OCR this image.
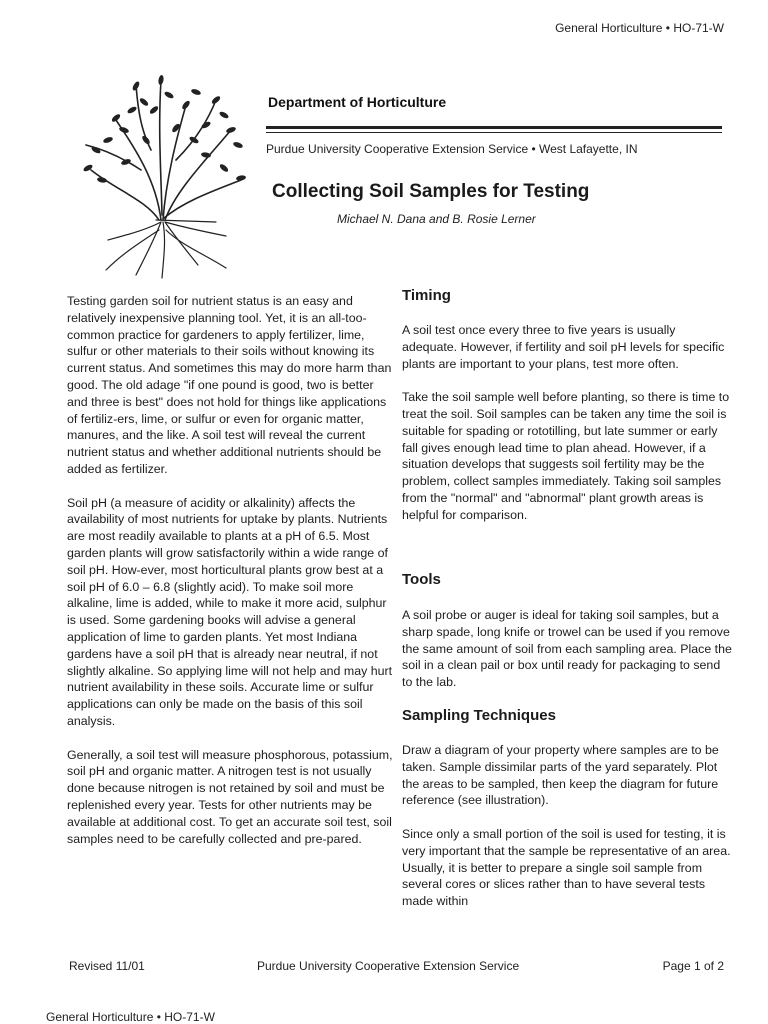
General Horticulture • HO-71-W
Department of Horticulture
Purdue University Cooperative Extension Service • West Lafayette, IN
Collecting Soil Samples for Testing
Michael N. Dana and B. Rosie Lerner

Testing garden soil for nutrient status is an easy and relatively inexpensive planning tool. Yet, it is an all-too-common practice for gardeners to apply fertilizer, lime, sulfur or other materials to their soils without knowing its current status. And sometimes this may do more harm than good. The old adage "if one pound is good, two is better and three is best" does not hold for things like applications of fertiliz-ers, lime, or sulfur or even for organic matter, manures, and the like. A soil test will reveal the current nutrient status and whether additional nutrients should be added as fertilizer.

Soil pH (a measure of acidity or alkalinity) affects the availability of most nutrients for uptake by plants. Nutrients are most readily available to plants at a pH of 6.5. Most garden plants will grow satisfactorily within a wide range of soil pH. How-ever, most horticultural plants grow best at a soil pH of 6.0 – 6.8 (slightly acid). To make soil more alkaline, lime is added, while to make it more acid, sulphur is used. Some gardening books will advise a general application of lime to garden plants. Yet most Indiana gardens have a soil pH that is already near neutral, if not slightly alkaline. So applying lime will not help and may hurt nutrient availability in these soils. Accurate lime or sulfur applications can only be made on the basis of this soil analysis.

Generally, a soil test will measure phosphorous, potassium, soil pH and organic matter. A nitrogen test is not usually done because nitrogen is not retained by soil and must be replenished every year. Tests for other nutrients may be available at additional cost. To get an accurate soil test, soil samples need to be carefully collected and pre-pared.

Timing

A soil test once every three to five years is usually adequate. However, if fertility and soil pH levels for specific plants are important to your plans, test more often.

Take the soil sample well before planting, so there is time to treat the soil. Soil samples can be taken any time the soil is suitable for spading or rototilling, but late summer or early fall gives enough lead time to plan ahead. However, if a situation develops that suggests soil fertility may be the problem, collect samples immediately. Taking soil samples from the "normal" and "abnormal" plant growth areas is helpful for comparison.

Tools

A soil probe or auger is ideal for taking soil samples, but a sharp spade, long knife or trowel can be used if you remove the same amount of soil from each sampling area. Place the soil in a clean pail or box until ready for packaging to send to the lab.

Sampling Techniques

Draw a diagram of your property where samples are to be taken. Sample dissimilar parts of the yard separately. Plot the areas to be sampled, then keep the diagram for future reference (see illustration).

Since only a small portion of the soil is used for testing, it is very important that the sample be representative of an area. Usually, it is better to prepare a single soil sample from several cores or slices rather than to have several tests made within

Revised 11/01	Purdue University Cooperative Extension Service	Page 1 of 2
General Horticulture • HO-71-W
